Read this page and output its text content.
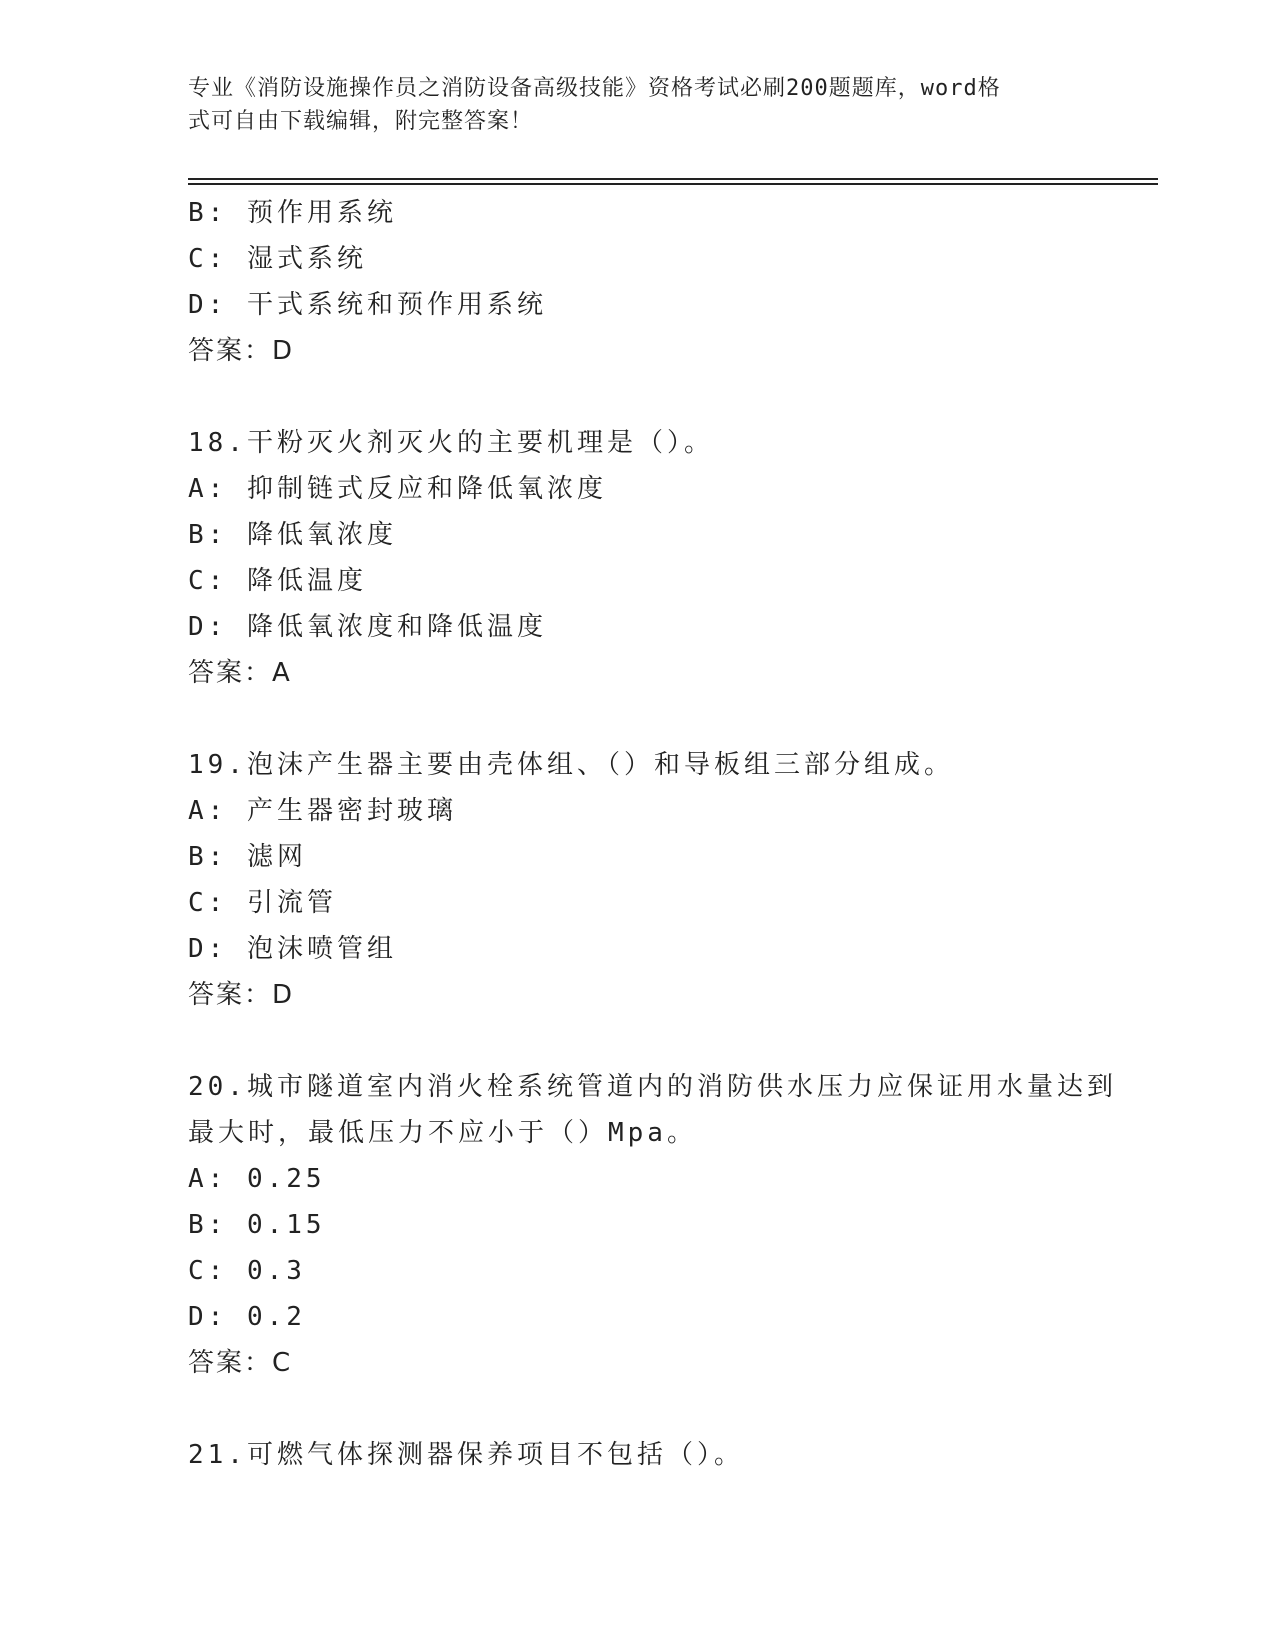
专业《消防设施操作员之消防设备高级技能》资格考试必刷200题题库，word格
式可自由下载编辑，附完整答案！
B: 预作用系统
C: 湿式系统
D: 干式系统和预作用系统
答案：D
18.干粉灭火剂灭火的主要机理是（）。
A: 抑制链式反应和降低氧浓度
B: 降低氧浓度
C: 降低温度
D: 降低氧浓度和降低温度
答案：A
19.泡沫产生器主要由壳体组、（）和导板组三部分组成。
A: 产生器密封玻璃
B: 滤网
C: 引流管
D: 泡沫喷管组
答案：D
20.城市隧道室内消火栓系统管道内的消防供水压力应保证用水量达到
最大时，最低压力不应小于（）Mpa。
A: 0.25
B: 0.15
C: 0.3
D: 0.2
答案：C
21.可燃气体探测器保养项目不包括（）。
